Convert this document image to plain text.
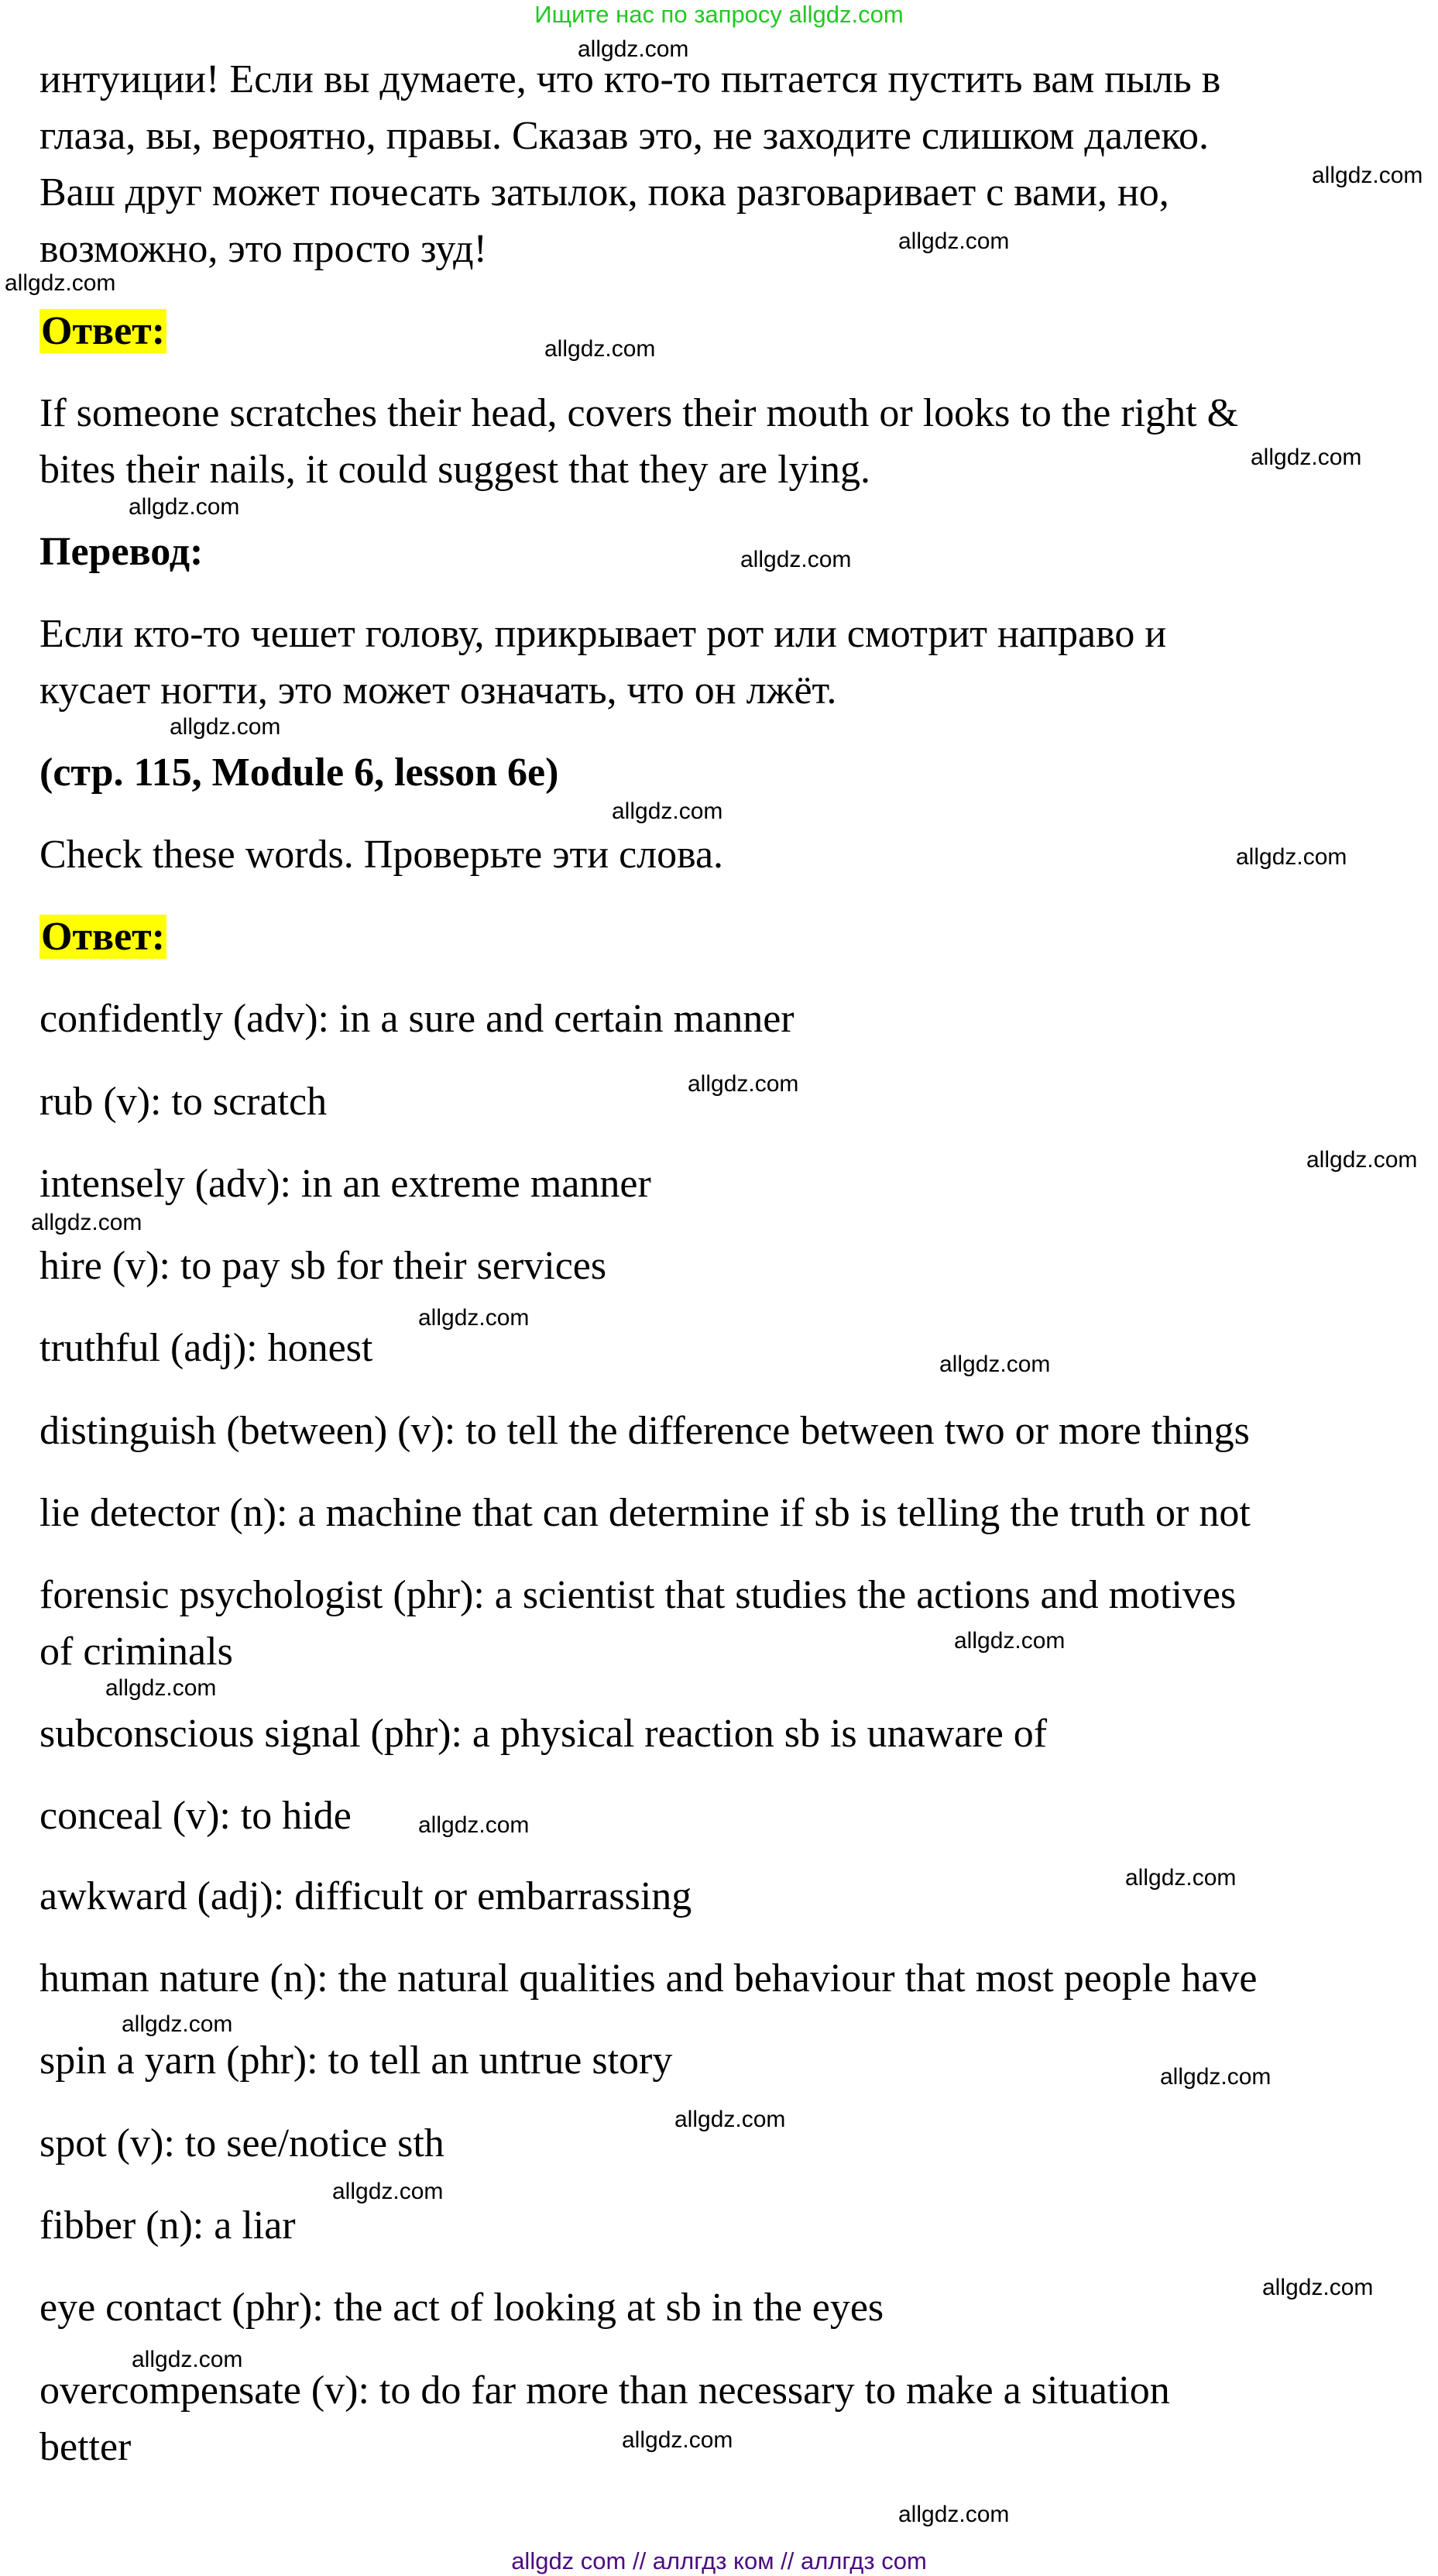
Ищите нас по запросу allgdz.com
интуиции! Если вы думаете, что кто-то пытается пустить вам пыль в
глаза, вы, вероятно, правы. Сказав это, не заходите слишком далеко.
Ваш друг может почесать затылок, пока разговаривает с вами, но,
возможно, это просто зуд!
Ответ:
If someone scratches their head, covers their mouth or looks to the right &
bites their nails, it could suggest that they are lying.
Перевод:
Если кто-то чешет голову, прикрывает рот или смотрит направо и
кусает ногти, это может означать, что он лжёт.
(стр. 115, Module 6, lesson 6e)
Check these words. Проверьте эти слова.
Ответ:
confidently (adv): in a sure and certain manner
rub (v): to scratch
intensely (adv): in an extreme manner
hire (v): to pay sb for their services
truthful (adj): honest
distinguish (between) (v): to tell the difference between two or more things
lie detector (n): a machine that can determine if sb is telling the truth or not
forensic psychologist (phr): a scientist that studies the actions and motives
of criminals
subconscious signal (phr): a physical reaction sb is unaware of
conceal (v): to hide
awkward (adj): difficult or embarrassing
human nature (n): the natural qualities and behaviour that most people have
spin a yarn (phr): to tell an untrue story
spot (v): to see/notice sth
fibber (n): a liar
eye contact (phr): the act of looking at sb in the eyes
overcompensate (v): to do far more than necessary to make a situation
better
allgdz.com
allgdz.com
allgdz.com
allgdz.com
allgdz.com
allgdz.com
allgdz.com
allgdz.com
allgdz.com
allgdz.com
allgdz.com
allgdz.com
allgdz.com
allgdz.com
allgdz.com
allgdz.com
allgdz.com
allgdz.com
allgdz.com
allgdz.com
allgdz.com
allgdz.com
allgdz.com
allgdz.com
allgdz.com
allgdz.com
allgdz.com
allgdz.com
allgdz com // аллгдз ком // аллгдз com
